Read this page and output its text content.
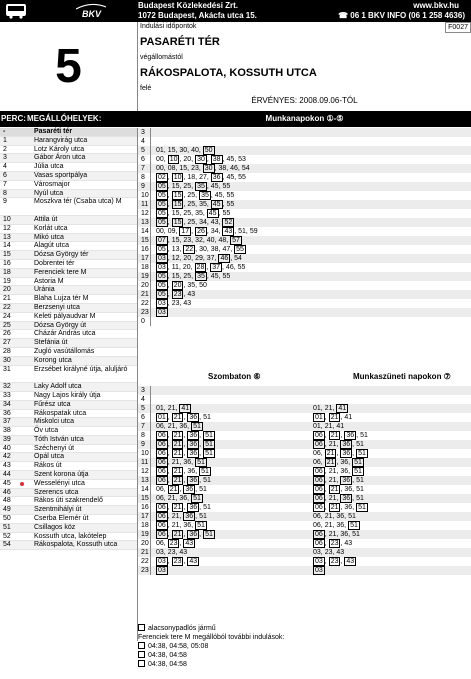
BKV
Budapest Közlekedési Zrt.
1072 Budapest, Akácfa utca 15.
www.bkv.hu
☎ 06 1 BKV INFO (06 1 258 4636)
5
F0027
Indulási időpontok
PASARÉTI TÉR
végállomástól
RÁKOSPALOTA, KOSSUTH UTCA
felé
ÉRVÉNYES: 2008.09.06-TÓL
PERC: MEGÁLLÓHELYEK:	Munkanapokon ①-⑤
-	Pasaréti tér
1	Harangvirág utca
2	Lotz Károly utca
3	Gábor Áron utca
4	Júlia utca
6	Vasas sportpálya
7	Városmajor
8	Nyúl utca
9	Moszkva tér (Csaba utca) M
10	Attila út
12	Korlát utca
13	Mikó utca
14	Alagút utca
15	Dózsa György tér
16	Dobrentei tér
18	Ferenciek tere M
19	Astoria M
20	Uránia
21	Blaha Lujza tér M
22	Berzsenyi utca
24	Keleti pályaudvar M
25	Dózsa György út
26	Cházár András utca
27	Stefánia út
28	Zugló vasútállomás
30	Korong utca
31	Erzsébet királyné útja, aluljáró
32	Laky Adolf utca
33	Nagy Lajos király útja
34	Fűrész utca
36	Rákospatak utca
37	Miskolci utca
38	Öv utca
39	Tóth István utca
40	Széchenyi út
42	Opál utca
43	Rákos út
44	Szent korona útja
45	Wesselényi utca
46	Szerencs utca
48	Rákos úti szakrendelő
49	Szentmihályi út
50	Cserba Elemér út
51	Csillagos köz
52	Kossuth utca, lakótelep
54	Rákospalota, Kossuth utca
3
4
5	01, 15, 30, 40, 50
6	00, 10 , 20, 30 , 38 , 45, 53
7	00, 08, 15, 23, 30 , 38, 46, 54
8	02 , 10 , 18, 27, 36 , 45, 55
9	05 , 15, 25, 35 , 45, 55
10	05 , 15 , 25, 35 , 45, 55
11	05 , 15 , 25, 35, 45 , 55
12	05 , 15, 25, 35, 45 , 55
13	05 , 15 , 25, 34, 43, 52
14	00, 09, 17 , 26 , 34, 43 , 51, 59
15	07 , 15, 23, 32, 40, 48, 57
16	05 , 13, 22 , 30, 38, 47, 55
17	03 , 12, 20, 29, 37, 46 , 54
18	03 , 11, 20, 28 , 37 , 46, 55
19	05 , 15, 25, 35 , 45, 55
20	05 , 20 , 35, 50
21	05 , 23 , 43
22	03 , 23, 43
23	03
0
Szombaton ⑥	Munkaszüneti napokon ⑦
3
4
5	01, 21, 41	01, 21, 41
6	01 , 21 , 36 , 51	01 , 21 , 41
7	06, 21, 36, 51	01, 21, 41
8	06 , 21 , 36 , 51	06 , 21 , 36 , 51
9	06 , 21 , 36 , 51	06 , 21, 36 , 51
10	06 , 21 , 36 , 51	06, 21 , 36 , 51
11	06 , 21, 36, 51	06, 21 , 36, 51
12	06 , 21 , 36, 51	06 , 21, 36, 51
13	06 , 21 , 36 , 51	06 , 21, 36 , 51
14	06, 21 , 36 , 51	06 , 21 , 36, 51
15	06, 21, 36, 51	06 , 21, 36 , 51
16	06 , 21 , 36 , 51	06 , 21 , 36, 51
17	06 , 21, 36 , 51	06, 21, 36, 51
18	06 , 21, 36, 51	06, 21, 36, 51
19	06 , 21 , 36 , 51	06 , 21, 36, 51
20	06, 23 , 43	06 , 23 , 43
21	03, 23, 43	03, 23, 43
22	03 , 23 , 43	03 , 23 , 43
23	03	03
alacsonypadlós jármű
Ferenciek tere M megállóból további indulások:
04:38, 04:58, 05:08
04:38, 04:58
04:38, 04:58
